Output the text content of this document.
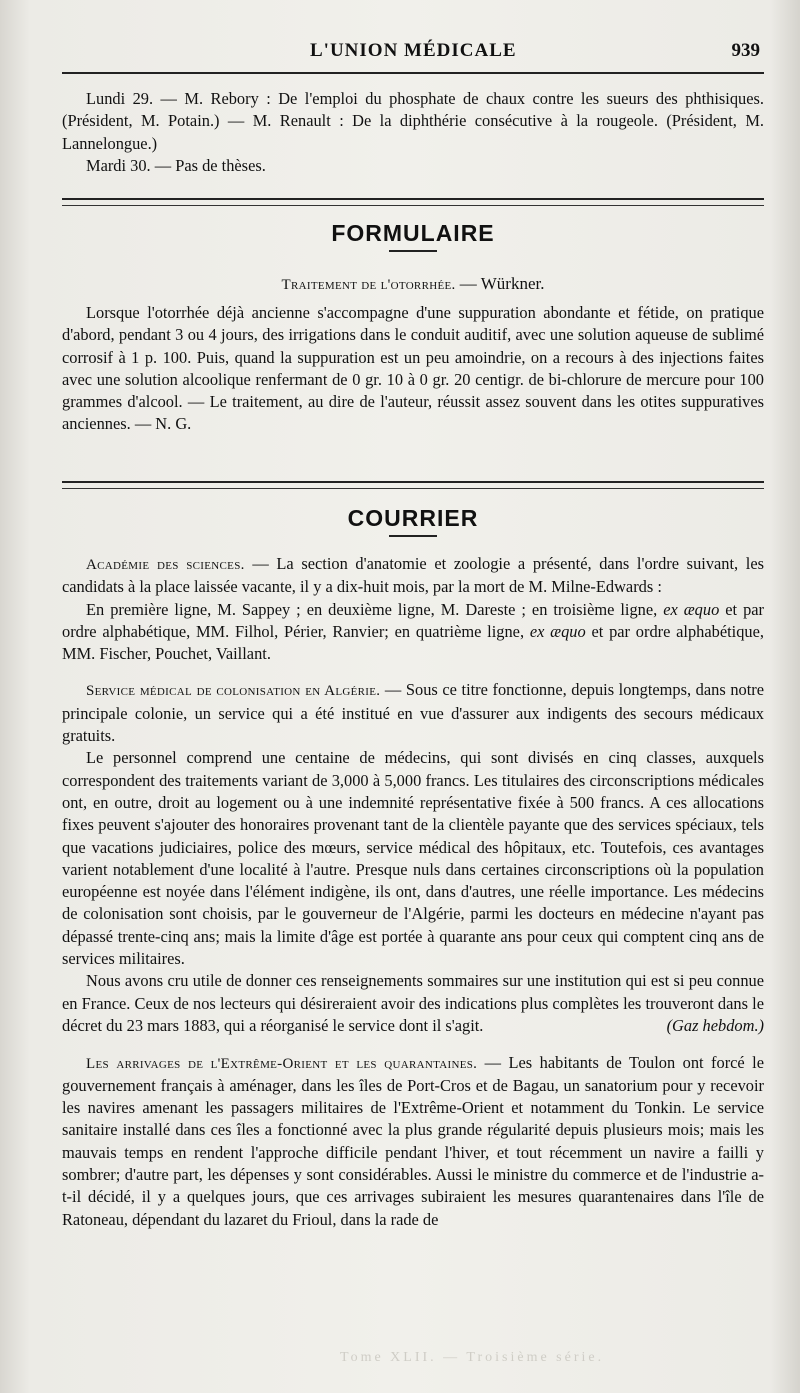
L'UNION MÉDICALE	939

Lundi 29. — M. Rebory : De l'emploi du phosphate de chaux contre les sueurs des phthisiques. (Président, M. Potain.) — M. Renault : De la diphthérie consécutive à la rougeole. (Président, M. Lannelongue.)

Mardi 30. — Pas de thèses.

FORMULAIRE
Traitement de l'otorrhée. — Würkner.

Lorsque l'otorrhée déjà ancienne s'accompagne d'une suppuration abondante et fétide, on pratique d'abord, pendant 3 ou 4 jours, des irrigations dans le conduit auditif, avec une solution aqueuse de sublimé corrosif à 1 p. 100. Puis, quand la suppuration est un peu amoindrie, on a recours à des injections faites avec une solution alcoolique renfermant de 0 gr. 10 à 0 gr. 20 centigr. de bi-chlorure de mercure pour 100 grammes d'alcool. — Le traitement, au dire de l'auteur, réussit assez souvent dans les otites suppuratives anciennes. — N. G.

COURRIER

Académie des sciences. — La section d'anatomie et zoologie a présenté, dans l'ordre suivant, les candidats à la place laissée vacante, il y a dix-huit mois, par la mort de M. Milne-Edwards :

En première ligne, M. Sappey ; en deuxième ligne, M. Dareste ; en troisième ligne, ex æquo et par ordre alphabétique, MM. Filhol, Périer, Ranvier; en quatrième ligne, ex æquo et par ordre alphabétique, MM. Fischer, Pouchet, Vaillant.

Service médical de colonisation en Algérie. — Sous ce titre fonctionne, depuis longtemps, dans notre principale colonie, un service qui a été institué en vue d'assurer aux indigents des secours médicaux gratuits.

Le personnel comprend une centaine de médecins, qui sont divisés en cinq classes, auxquels correspondent des traitements variant de 3,000 à 5,000 francs. Les titulaires des circonscriptions médicales ont, en outre, droit au logement ou à une indemnité représentative fixée à 500 francs. A ces allocations fixes peuvent s'ajouter des honoraires provenant tant de la clientèle payante que des services spéciaux, tels que vacations judiciaires, police des mœurs, service médical des hôpitaux, etc. Toutefois, ces avantages varient notablement d'une localité à l'autre. Presque nuls dans certaines circonscriptions où la population européenne est noyée dans l'élément indigène, ils ont, dans d'autres, une réelle importance. Les médecins de colonisation sont choisis, par le gouverneur de l'Algérie, parmi les docteurs en médecine n'ayant pas dépassé trente-cinq ans; mais la limite d'âge est portée à quarante ans pour ceux qui comptent cinq ans de services militaires.

Nous avons cru utile de donner ces renseignements sommaires sur une institution qui est si peu connue en France. Ceux de nos lecteurs qui désireraient avoir des indications plus complètes les trouveront dans le décret du 23 mars 1883, qui a réorganisé le service dont il s'agit.	(Gaz hebdom.)

Les arrivages de l'Extrême-Orient et les quarantaines. — Les habitants de Toulon ont forcé le gouvernement français à aménager, dans les îles de Port-Cros et de Bagau, un sanatorium pour y recevoir les navires amenant les passagers militaires de l'Extrême-Orient et notamment du Tonkin. Le service sanitaire installé dans ces îles a fonctionné avec la plus grande régularité depuis plusieurs mois; mais les mauvais temps en rendent l'approche difficile pendant l'hiver, et tout récemment un navire a failli y sombrer; d'autre part, les dépenses y sont considérables. Aussi le ministre du commerce et de l'industrie a-t-il décidé, il y a quelques jours, que ces arrivages subiraient les mesures quarantenaires dans l'île de Ratoneau, dépendant du lazaret du Frioul, dans la rade de

Tome XLII. — Troisième série.
